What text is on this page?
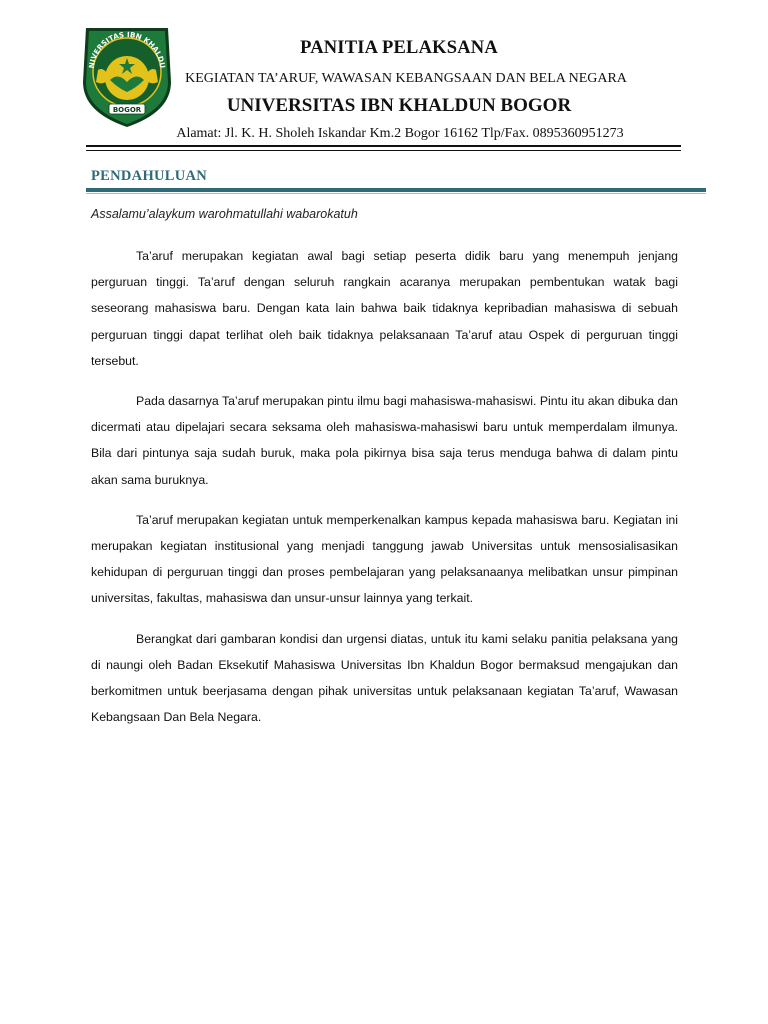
NIVERSITAS IBN KHALDU
BOGOR
PANITIA PELAKSANA
KEGIATAN TA’ARUF, WAWASAN KEBANGSAAN DAN BELA NEGARA
UNIVERSITAS IBN KHALDUN BOGOR
Alamat: Jl. K. H. Sholeh Iskandar Km.2 Bogor 16162 Tlp/Fax. 0895360951273
PENDAHULUAN
Assalamu’alaykum warohmatullahi wabarokatuh

Ta’aruf merupakan kegiatan awal bagi setiap peserta didik baru yang menempuh jenjang perguruan tinggi. Ta’aruf dengan seluruh rangkain acaranya merupakan pembentukan watak bagi seseorang mahasiswa baru. Dengan kata lain bahwa baik tidaknya kepribadian mahasiswa di sebuah perguruan tinggi dapat terlihat oleh baik tidaknya pelaksanaan Ta’aruf atau Ospek di perguruan tinggi tersebut.

Pada dasarnya Ta’aruf merupakan pintu ilmu bagi mahasiswa-mahasiswi. Pintu itu akan dibuka dan dicermati atau dipelajari secara seksama oleh mahasiswa-mahasiswi baru untuk memperdalam ilmunya. Bila dari pintunya saja sudah buruk, maka pola pikirnya bisa saja terus menduga bahwa di dalam pintu akan sama buruknya.

Ta’aruf merupakan kegiatan untuk memperkenalkan kampus kepada mahasiswa baru. Kegiatan ini merupakan kegiatan institusional yang menjadi tanggung jawab Universitas untuk mensosialisasikan kehidupan di perguruan tinggi dan proses pembelajaran yang pelaksanaanya melibatkan unsur pimpinan universitas, fakultas, mahasiswa dan unsur-unsur lainnya yang terkait.

Berangkat dari gambaran kondisi dan urgensi diatas, untuk itu kami selaku panitia pelaksana yang di naungi oleh Badan Eksekutif Mahasiswa Universitas Ibn Khaldun Bogor bermaksud mengajukan dan berkomitmen untuk beerjasama dengan pihak universitas untuk pelaksanaan kegiatan Ta’aruf, Wawasan Kebangsaan Dan Bela Negara.
